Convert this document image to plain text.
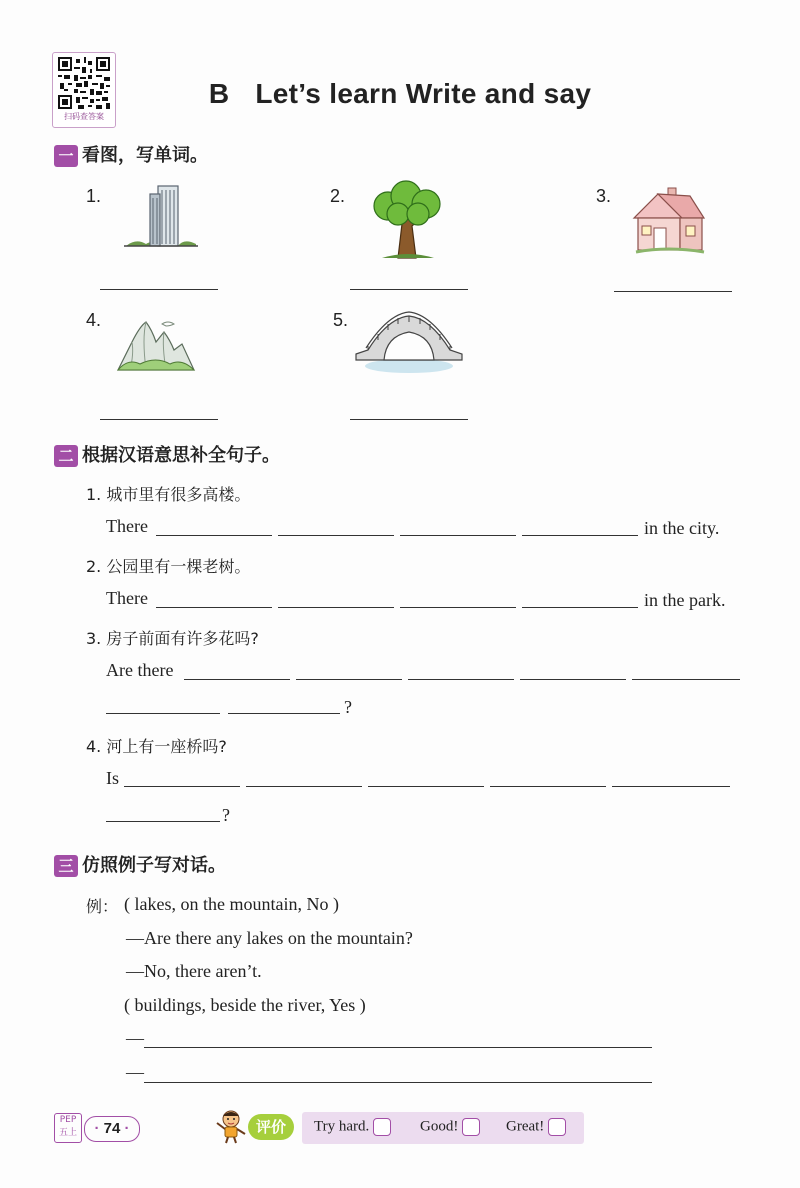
扫码查答案
B Let’s learn Write and say
一 看图，写单词。
1.	2.	3.
4.	5.
二 根据汉语意思补全句子。
1. 城市里有很多高楼。
There	in the city.
2. 公园里有一棵老树。
There	in the park.
3. 房子前面有许多花吗?
Are there
?
4. 河上有一座桥吗?
Is
?
三 仿照例子写对话。
例： ( lakes, on the mountain, No )
—Are there any lakes on the mountain?
—No, there aren’t.
( buildings, beside the river, Yes )
—
—
PEP
五上	· 74 ·	评价	Try hard.	Good!	Great!
